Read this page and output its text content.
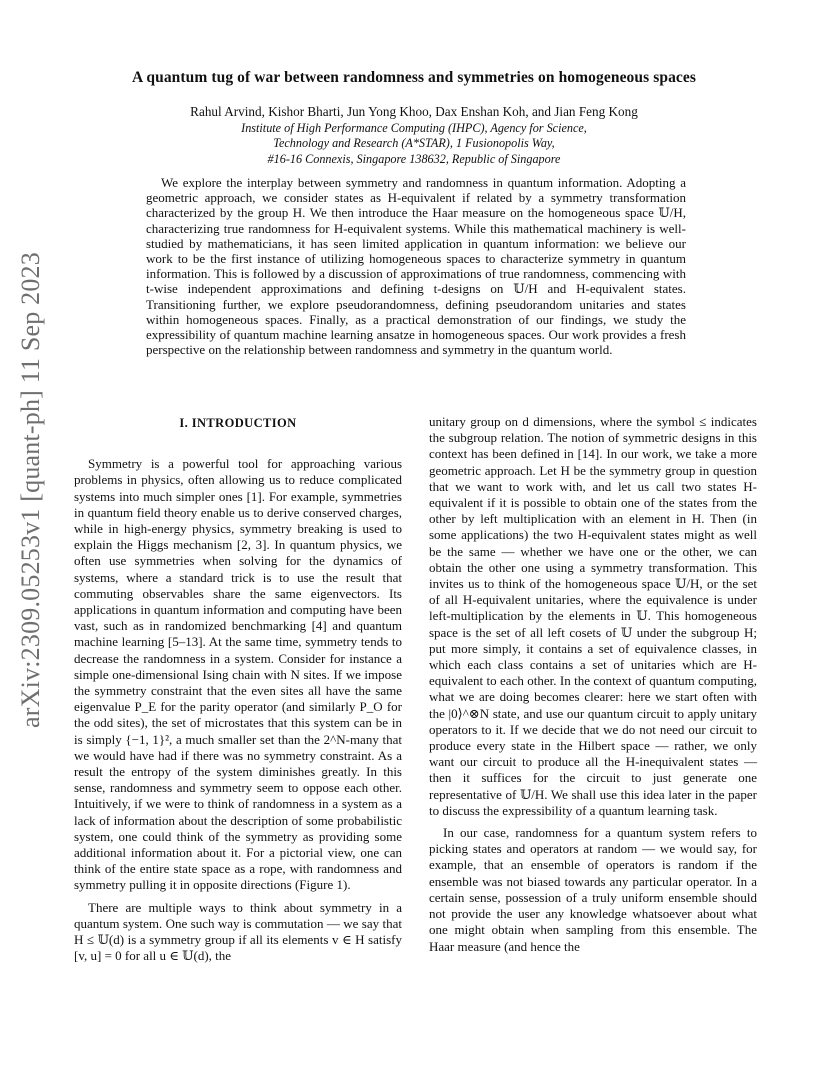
arXiv:2309.05253v1 [quant-ph] 11 Sep 2023
A quantum tug of war between randomness and symmetries on homogeneous spaces
Rahul Arvind, Kishor Bharti, Jun Yong Khoo, Dax Enshan Koh, and Jian Feng Kong
Institute of High Performance Computing (IHPC), Agency for Science,
Technology and Research (A*STAR), 1 Fusionopolis Way,
#16-16 Connexis, Singapore 138632, Republic of Singapore

We explore the interplay between symmetry and randomness in quantum information. Adopting a geometric approach, we consider states as H-equivalent if related by a symmetry transformation characterized by the group H. We then introduce the Haar measure on the homogeneous space 𝕌/H, characterizing true randomness for H-equivalent systems. While this mathematical machinery is well-studied by mathematicians, it has seen limited application in quantum information: we believe our work to be the first instance of utilizing homogeneous spaces to characterize symmetry in quantum information. This is followed by a discussion of approximations of true randomness, commencing with t-wise independent approximations and defining t-designs on 𝕌/H and H-equivalent states. Transitioning further, we explore pseudorandomness, defining pseudorandom unitaries and states within homogeneous spaces. Finally, as a practical demonstration of our findings, we study the expressibility of quantum machine learning ansatze in homogeneous spaces. Our work provides a fresh perspective on the relationship between randomness and symmetry in the quantum world.

I. INTRODUCTION

Symmetry is a powerful tool for approaching various problems in physics, often allowing us to reduce complicated systems into much simpler ones [1]. For example, symmetries in quantum field theory enable us to derive conserved charges, while in high-energy physics, symmetry breaking is used to explain the Higgs mechanism [2, 3]. In quantum physics, we often use symmetries when solving for the dynamics of systems, where a standard trick is to use the result that commuting observables share the same eigenvectors. Its applications in quantum information and computing have been vast, such as in randomized benchmarking [4] and quantum machine learning [5–13]. At the same time, symmetry tends to decrease the randomness in a system. Consider for instance a simple one-dimensional Ising chain with N sites. If we impose the symmetry constraint that the even sites all have the same eigenvalue P_E for the parity operator (and similarly P_O for the odd sites), the set of microstates that this system can be in is simply {−1, 1}², a much smaller set than the 2^N-many that we would have had if there was no symmetry constraint. As a result the entropy of the system diminishes greatly. In this sense, randomness and symmetry seem to oppose each other. Intuitively, if we were to think of randomness in a system as a lack of information about the description of some probabilistic system, one could think of the symmetry as providing some additional information about it. For a pictorial view, one can think of the entire state space as a rope, with randomness and symmetry pulling it in opposite directions (Figure 1).

There are multiple ways to think about symmetry in a quantum system. One such way is commutation — we say that H ≤ 𝕌(d) is a symmetry group if all its elements v ∈ H satisfy [v, u] = 0 for all u ∈ 𝕌(d), the

unitary group on d dimensions, where the symbol ≤ indicates the subgroup relation. The notion of symmetric designs in this context has been defined in [14]. In our work, we take a more geometric approach. Let H be the symmetry group in question that we want to work with, and let us call two states H-equivalent if it is possible to obtain one of the states from the other by left multiplication with an element in H. Then (in some applications) the two H-equivalent states might as well be the same — whether we have one or the other, we can obtain the other one using a symmetry transformation. This invites us to think of the homogeneous space 𝕌/H, or the set of all H-equivalent unitaries, where the equivalence is under left-multiplication by the elements in 𝕌. This homogeneous space is the set of all left cosets of 𝕌 under the subgroup H; put more simply, it contains a set of equivalence classes, in which each class contains a set of unitaries which are H-equivalent to each other. In the context of quantum computing, what we are doing becomes clearer: here we start often with the |0⟩^⊗N state, and use our quantum circuit to apply unitary operators to it. If we decide that we do not need our circuit to produce every state in the Hilbert space — rather, we only want our circuit to produce all the H-inequivalent states — then it suffices for the circuit to just generate one representative of 𝕌/H. We shall use this idea later in the paper to discuss the expressibility of a quantum learning task.

In our case, randomness for a quantum system refers to picking states and operators at random — we would say, for example, that an ensemble of operators is random if the ensemble was not biased towards any particular operator. In a certain sense, possession of a truly uniform ensemble should not provide the user any knowledge whatsoever about what one might obtain when sampling from this ensemble. The Haar measure (and hence the
